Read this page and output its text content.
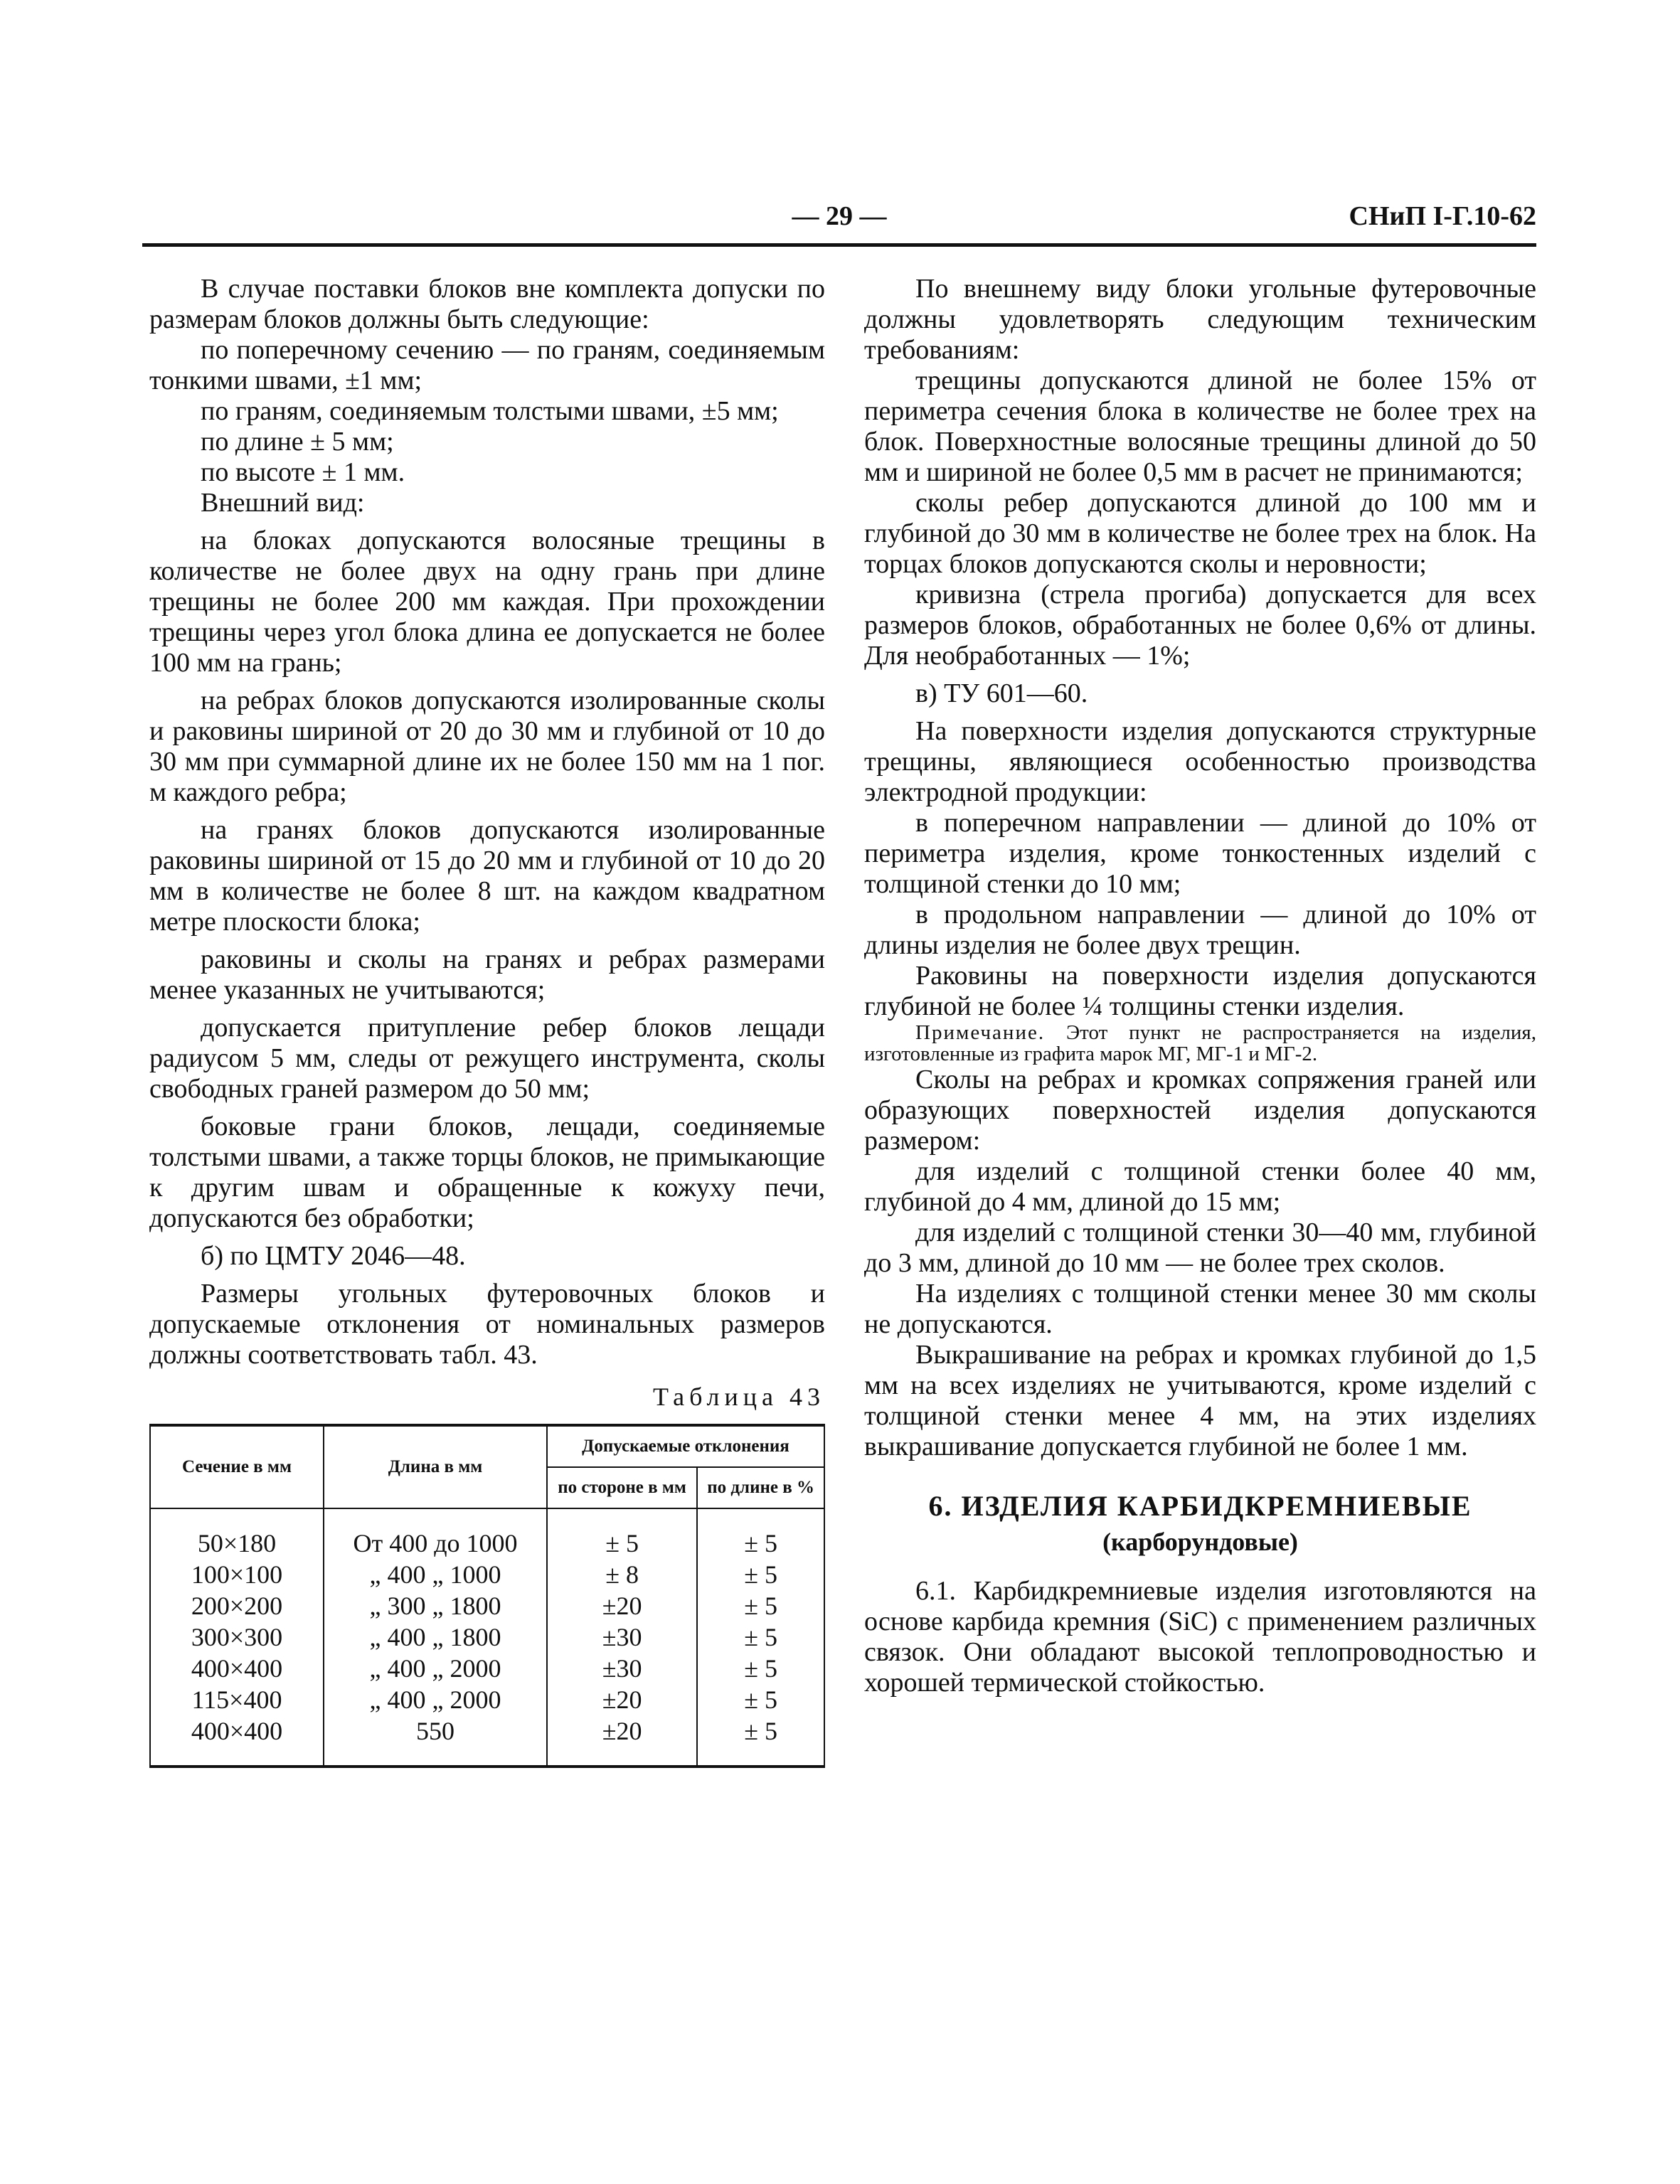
— 29 —	СНиП I-Г.10-62

В случае поставки блоков вне комплекта допуски по размерам блоков должны быть следующие:

по поперечному сечению — по граням, соединяемым тонкими швами, ±1 мм;

по граням, соединяемым толстыми швами, ±5 мм;

по длине ± 5 мм;

по высоте ± 1 мм.

Внешний вид:

на блоках допускаются волосяные трещины в количестве не более двух на одну грань при длине трещины не более 200 мм каждая. При прохождении трещины через угол блока длина ее допускается не более 100 мм на грань;

на ребрах блоков допускаются изолированные сколы и раковины шириной от 20 до 30 мм и глубиной от 10 до 30 мм при суммарной длине их не более 150 мм на 1 пог. м каждого ребра;

на гранях блоков допускаются изолированные раковины шириной от 15 до 20 мм и глубиной от 10 до 20 мм в количестве не более 8 шт. на каждом квадратном метре плоскости блока;

раковины и сколы на гранях и ребрах размерами менее указанных не учитываются;

допускается притупление ребер блоков лещади радиусом 5 мм, следы от режущего инструмента, сколы свободных граней размером до 50 мм;

боковые грани блоков, лещади, соединяемые толстыми швами, а также торцы блоков, не примыкающие к другим швам и обращенные к кожуху печи, допускаются без обработки;

б) по ЦМТУ 2046—48.

Размеры угольных футеровочных блоков и допускаемые отклонения от номинальных размеров должны соответствовать табл. 43.

Таблица 43
Сечение в мм	Длина в мм	Допускаемые отклонения	
		по стороне в мм	по длине в %
50×180	От 400 до 1000	± 5	± 5
100×100	„ 400 „ 1000	± 8	± 5
200×200	„ 300 „ 1800	±20	± 5
300×300	„ 400 „ 1800	±30	± 5
400×400	„ 400 „ 2000	±30	± 5
115×400	„ 400 „ 2000	±20	± 5
400×400	550	±20	± 5

По внешнему виду блоки угольные футеровочные должны удовлетворять следующим техническим требованиям:

трещины допускаются длиной не более 15% от периметра сечения блока в количестве не более трех на блок. Поверхностные волосяные трещины длиной до 50 мм и шириной не более 0,5 мм в расчет не принимаются;

сколы ребер допускаются длиной до 100 мм и глубиной до 30 мм в количестве не более трех на блок. На торцах блоков допускаются сколы и неровности;

кривизна (стрела прогиба) допускается для всех размеров блоков, обработанных не более 0,6% от длины. Для необработанных — 1%;

в) ТУ 601—60.

На поверхности изделия допускаются структурные трещины, являющиеся особенностью производства электродной продукции:

в поперечном направлении — длиной до 10% от периметра изделия, кроме тонкостенных изделий с толщиной стенки до 10 мм;

в продольном направлении — длиной до 10% от длины изделия не более двух трещин.

Раковины на поверхности изделия допускаются глубиной не более ¼ толщины стенки изделия.

Примечание. Этот пункт не распространяется на изделия, изготовленные из графита марок МГ, МГ-1 и МГ-2.

Сколы на ребрах и кромках сопряжения граней или образующих поверхностей изделия допускаются размером:

для изделий с толщиной стенки более 40 мм, глубиной до 4 мм, длиной до 15 мм;

для изделий с толщиной стенки 30—40 мм, глубиной до 3 мм, длиной до 10 мм — не более трех сколов.

На изделиях с толщиной стенки менее 30 мм сколы не допускаются.

Выкрашивание на ребрах и кромках глубиной до 1,5 мм на всех изделиях не учитываются, кроме изделий с толщиной стенки менее 4 мм, на этих изделиях выкрашивание допускается глубиной не более 1 мм.

6. ИЗДЕЛИЯ КАРБИДКРЕМНИЕВЫЕ
(карборундовые)

6.1. Карбидкремниевые изделия изготовляются на основе карбида кремния (SiC) с применением различных связок. Они обладают высокой теплопроводностью и хорошей термической стойкостью.
